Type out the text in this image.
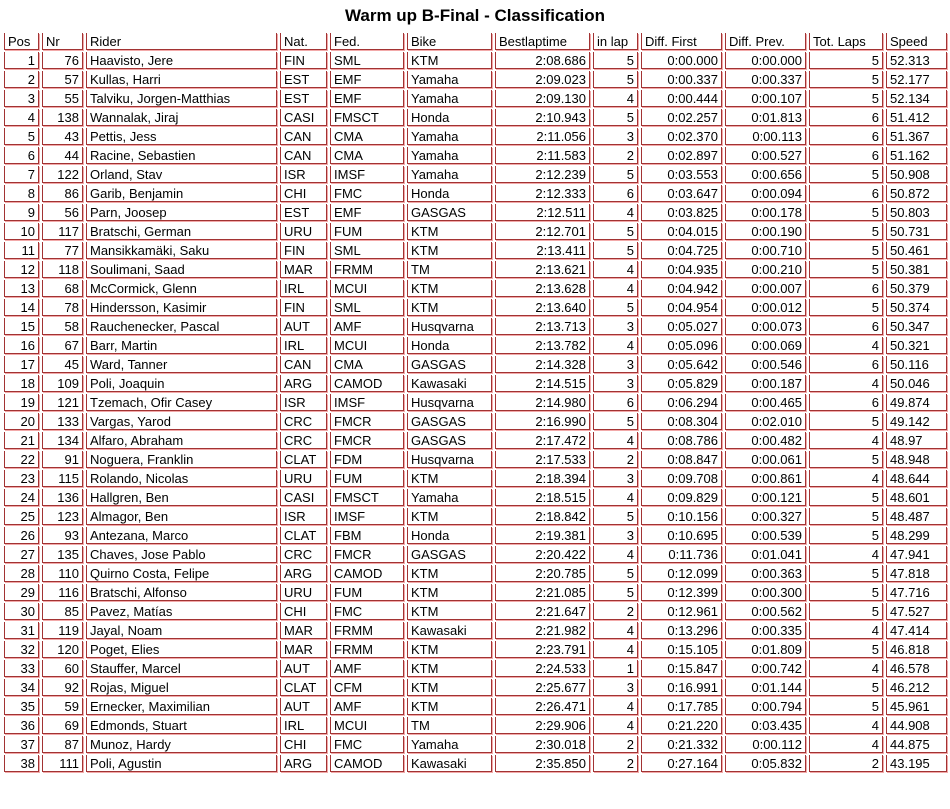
Warm up B-Final - Classification
Pos	Nr	Rider	Nat.	Fed.	Bike	Bestlaptime	in lap	Diff. First	Diff. Prev.	Tot. Laps	Speed
1	76	Haavisto, Jere	FIN	SML	KTM	2:08.686	5	0:00.000	0:00.000	5	52.313
2	57	Kullas, Harri	EST	EMF	Yamaha	2:09.023	5	0:00.337	0:00.337	5	52.177
3	55	Talviku, Jorgen-Matthias	EST	EMF	Yamaha	2:09.130	4	0:00.444	0:00.107	5	52.134
4	138	Wannalak, Jiraj	CASI	FMSCT	Honda	2:10.943	5	0:02.257	0:01.813	6	51.412
5	43	Pettis, Jess	CAN	CMA	Yamaha	2:11.056	3	0:02.370	0:00.113	6	51.367
6	44	Racine, Sebastien	CAN	CMA	Yamaha	2:11.583	2	0:02.897	0:00.527	6	51.162
7	122	Orland, Stav	ISR	IMSF	Yamaha	2:12.239	5	0:03.553	0:00.656	5	50.908
8	86	Garib, Benjamin	CHI	FMC	Honda	2:12.333	6	0:03.647	0:00.094	6	50.872
9	56	Parn, Joosep	EST	EMF	GASGAS	2:12.511	4	0:03.825	0:00.178	5	50.803
10	117	Bratschi, German	URU	FUM	KTM	2:12.701	5	0:04.015	0:00.190	5	50.731
11	77	Mansikkamäki, Saku	FIN	SML	KTM	2:13.411	5	0:04.725	0:00.710	5	50.461
12	118	Soulimani, Saad	MAR	FRMM	TM	2:13.621	4	0:04.935	0:00.210	5	50.381
13	68	McCormick, Glenn	IRL	MCUI	KTM	2:13.628	4	0:04.942	0:00.007	6	50.379
14	78	Hindersson, Kasimir	FIN	SML	KTM	2:13.640	5	0:04.954	0:00.012	5	50.374
15	58	Rauchenecker, Pascal	AUT	AMF	Husqvarna	2:13.713	3	0:05.027	0:00.073	6	50.347
16	67	Barr, Martin	IRL	MCUI	Honda	2:13.782	4	0:05.096	0:00.069	4	50.321
17	45	Ward, Tanner	CAN	CMA	GASGAS	2:14.328	3	0:05.642	0:00.546	6	50.116
18	109	Poli, Joaquin	ARG	CAMOD	Kawasaki	2:14.515	3	0:05.829	0:00.187	4	50.046
19	121	Tzemach, Ofir Casey	ISR	IMSF	Husqvarna	2:14.980	6	0:06.294	0:00.465	6	49.874
20	133	Vargas, Yarod	CRC	FMCR	GASGAS	2:16.990	5	0:08.304	0:02.010	5	49.142
21	134	Alfaro, Abraham	CRC	FMCR	GASGAS	2:17.472	4	0:08.786	0:00.482	4	48.97
22	91	Noguera, Franklin	CLAT	FDM	Husqvarna	2:17.533	2	0:08.847	0:00.061	5	48.948
23	115	Rolando, Nicolas	URU	FUM	KTM	2:18.394	3	0:09.708	0:00.861	4	48.644
24	136	Hallgren, Ben	CASI	FMSCT	Yamaha	2:18.515	4	0:09.829	0:00.121	5	48.601
25	123	Almagor, Ben	ISR	IMSF	KTM	2:18.842	5	0:10.156	0:00.327	5	48.487
26	93	Antezana, Marco	CLAT	FBM	Honda	2:19.381	3	0:10.695	0:00.539	5	48.299
27	135	Chaves, Jose Pablo	CRC	FMCR	GASGAS	2:20.422	4	0:11.736	0:01.041	4	47.941
28	110	Quirno Costa, Felipe	ARG	CAMOD	KTM	2:20.785	5	0:12.099	0:00.363	5	47.818
29	116	Bratschi, Alfonso	URU	FUM	KTM	2:21.085	5	0:12.399	0:00.300	5	47.716
30	85	Pavez, Matías	CHI	FMC	KTM	2:21.647	2	0:12.961	0:00.562	5	47.527
31	119	Jayal, Noam	MAR	FRMM	Kawasaki	2:21.982	4	0:13.296	0:00.335	4	47.414
32	120	Poget, Elies	MAR	FRMM	KTM	2:23.791	4	0:15.105	0:01.809	5	46.818
33	60	Stauffer, Marcel	AUT	AMF	KTM	2:24.533	1	0:15.847	0:00.742	4	46.578
34	92	Rojas, Miguel	CLAT	CFM	KTM	2:25.677	3	0:16.991	0:01.144	5	46.212
35	59	Ernecker, Maximilian	AUT	AMF	KTM	2:26.471	4	0:17.785	0:00.794	5	45.961
36	69	Edmonds, Stuart	IRL	MCUI	TM	2:29.906	4	0:21.220	0:03.435	4	44.908
37	87	Munoz, Hardy	CHI	FMC	Yamaha	2:30.018	2	0:21.332	0:00.112	4	44.875
38	111	Poli, Agustin	ARG	CAMOD	Kawasaki	2:35.850	2	0:27.164	0:05.832	2	43.195
